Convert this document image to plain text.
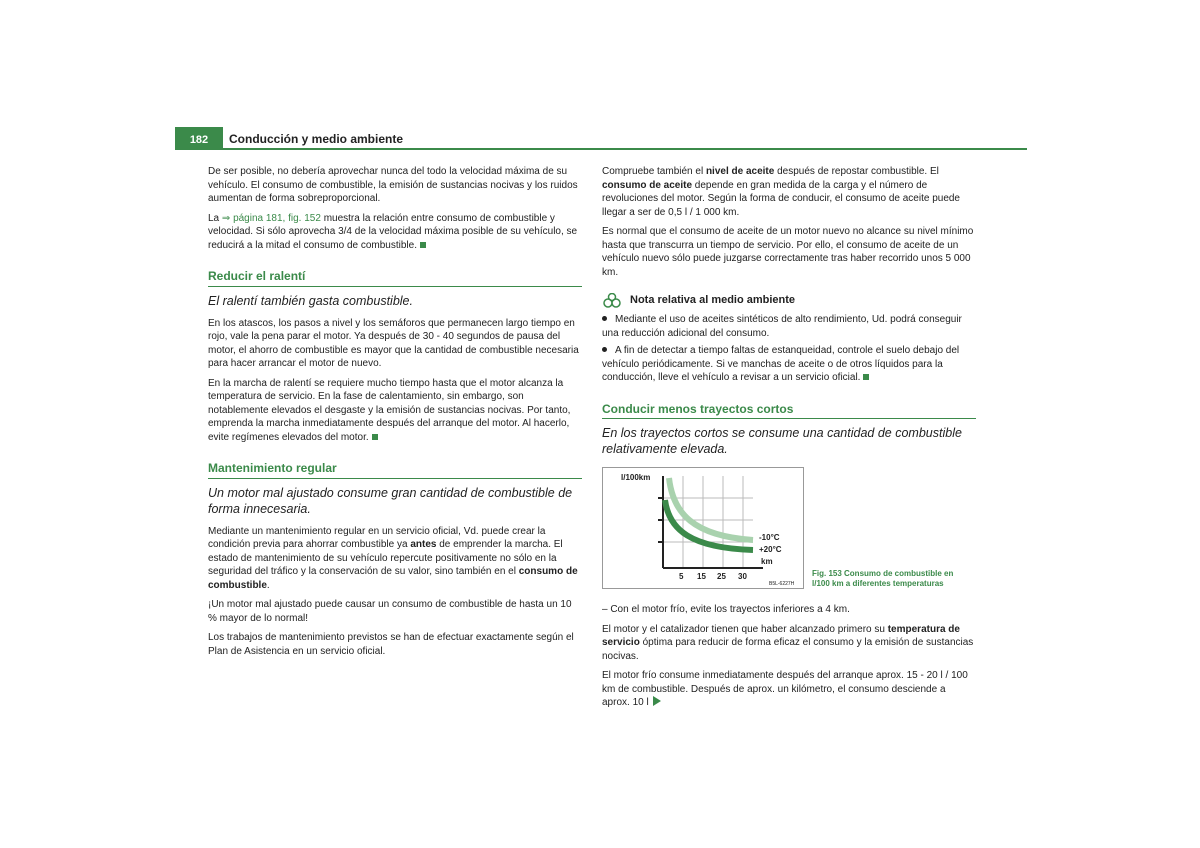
182	Conducción y medio ambiente

De ser posible, no debería aprovechar nunca del todo la velocidad máxima de su vehículo. El consumo de combustible, la emisión de sustancias nocivas y los ruidos aumentan de forma sobreproporcional.

La ⇒ página 181, fig. 152 muestra la relación entre consumo de combustible y velocidad. Si sólo aprovecha 3/4 de la velocidad máxima posible de su vehículo, se reducirá a la mitad el consumo de combustible.

Reducir el ralentí
El ralentí también gasta combustible.

En los atascos, los pasos a nivel y los semáforos que permanecen largo tiempo en rojo, vale la pena parar el motor. Ya después de 30 - 40 segundos de pausa del motor, el ahorro de combustible es mayor que la cantidad de combustible necesaria para hacer arrancar el motor de nuevo.

En la marcha de ralentí se requiere mucho tiempo hasta que el motor alcanza la temperatura de servicio. En la fase de calentamiento, sin embargo, son notablemente elevados el desgaste y la emisión de sustancias nocivas. Por tanto, emprenda la marcha inmediatamente después del arranque del motor. Al hacerlo, evite regímenes elevados del motor.

Mantenimiento regular
Un motor mal ajustado consume gran cantidad de combustible de forma innecesaria.

Mediante un mantenimiento regular en un servicio oficial, Vd. puede crear la condición previa para ahorrar combustible ya antes de emprender la marcha. El estado de mantenimiento de su vehículo repercute positivamente no sólo en la seguridad del tráfico y la conservación de su valor, sino también en el consumo de combustible.

¡Un motor mal ajustado puede causar un consumo de combustible de hasta un 10 % mayor de lo normal!

Los trabajos de mantenimiento previstos se han de efectuar exactamente según el Plan de Asistencia en un servicio oficial.

Compruebe también el nivel de aceite después de repostar combustible. El consumo de aceite depende en gran medida de la carga y el número de revoluciones del motor. Según la forma de conducir, el consumo de aceite puede llegar a ser de 0,5 l / 1 000 km.

Es normal que el consumo de aceite de un motor nuevo no alcance su nivel mínimo hasta que transcurra un tiempo de servicio. Por ello, el consumo de aceite de un vehículo nuevo sólo puede juzgarse correctamente tras haber recorrido unos 5 000 km.

Nota relativa al medio ambiente

Mediante el uso de aceites sintéticos de alto rendimiento, Ud. podrá conseguir una reducción adicional del consumo.

A fin de detectar a tiempo faltas de estanqueidad, controle el suelo debajo del vehículo periódicamente. Si ve manchas de aceite o de otros líquidos para la conducción, lleve el vehículo a revisar a un servicio oficial.

Conducir menos trayectos cortos
En los trayectos cortos se consume una cantidad de combustible relativamente elevada.
l/100km
-10°C
+20°C
km
5 15 25 30
B5L-6227H
Fig. 153 Consumo de combustible en l/100 km a diferentes temperaturas

– Con el motor frío, evite los trayectos inferiores a 4 km.

El motor y el catalizador tienen que haber alcanzado primero su temperatura de servicio óptima para reducir de forma eficaz el consumo y la emisión de sustancias nocivas.

El motor frío consume inmediatamente después del arranque aprox. 15 - 20 l / 100 km de combustible. Después de aprox. un kilómetro, el consumo desciende a aprox. 10 l
